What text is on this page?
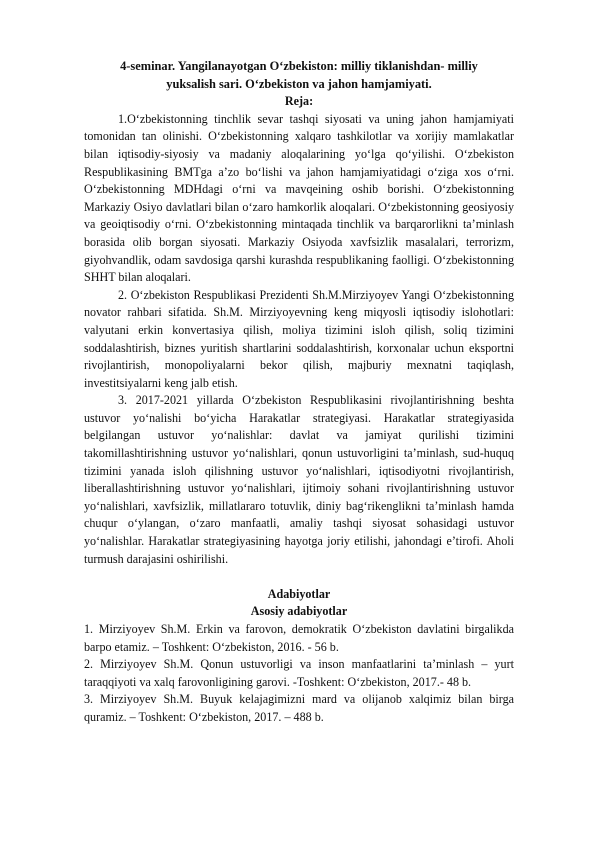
4-seminar. Yangilanayotgan O‘zbekiston: milliy tiklanishdan- milliy
yuksalish sari. O‘zbekiston va jahon hamjamiyati.
Reja:

1.O‘zbekistonning tinchlik sevar tashqi siyosati va uning jahon hamjamiyati tomonidan tan olinishi. O‘zbekistonning xalqaro tashkilotlar va xorijiy mamlakatlar bilan iqtisodiy-siyosiy va madaniy aloqalarining yo‘lga qo‘yilishi. O‘zbekiston Respublikasining BMTga a’zo bo‘lishi va jahon hamjamiyatidagi o‘ziga xos o‘rni. O‘zbekistonning MDHdagi o‘rni va mavqeining oshib borishi. O‘zbekistonning Markaziy Osiyo davlatlari bilan o‘zaro hamkorlik aloqalari. O‘zbekistonning geosiyosiy va geoiqtisodiy o‘rni. O‘zbekistonning mintaqada tinchlik va barqarorlikni ta’minlash borasida olib borgan siyosati. Markaziy Osiyoda xavfsizlik masalalari, terrorizm, giyohvandlik, odam savdosiga qarshi kurashda respublikaning faolligi. O‘zbekistonning SHHT bilan aloqalari.

2. O‘zbekiston Respublikasi Prezidenti Sh.M.Mirziyoyev Yangi O‘zbekistonning novator rahbari sifatida. Sh.M. Mirziyoyevning keng miqyosli iqtisodiy islohotlari: valyutani erkin konvertasiya qilish, moliya tizimini isloh qilish, soliq tizimini soddalashtirish, biznes yuritish shartlarini soddalashtirish, korxonalar uchun eksportni rivojlantirish, monopoliyalarni bekor qilish, majburiy mexnatni taqiqlash, investitsiyalarni keng jalb etish.

3. 2017-2021 yillarda O‘zbekiston Respublikasini rivojlantirishning beshta ustuvor yo‘nalishi bo‘yicha Harakatlar strategiyasi. Harakatlar strategiyasida belgilangan ustuvor yo‘nalishlar: davlat va jamiyat qurilishi tizimini takomillashtirishning ustuvor yo‘nalishlari, qonun ustuvorligini ta’minlash, sud-huquq tizimini yanada isloh qilishning ustuvor yo‘nalishlari, iqtisodiyotni rivojlantirish, liberallashtirishning ustuvor yo‘nalishlari, ijtimoiy sohani rivojlantirishning ustuvor yo‘nalishlari, xavfsizlik, millatlararo totuvlik, diniy bag‘rikenglikni ta’minlash hamda chuqur o‘ylangan, o‘zaro manfaatli, amaliy tashqi siyosat sohasidagi ustuvor yo‘nalishlar. Harakatlar strategiyasining hayotga joriy etilishi, jahondagi e’tirofi. Aholi turmush darajasini oshirilishi.

Adabiyotlar
Asosiy adabiyotlar

1. Mirziyoyev Sh.M. Erkin va farovon, demokratik O‘zbekiston davlatini birgalikda barpo etamiz. – Toshkent: O‘zbekiston, 2016. - 56 b.

2. Mirziyoyev Sh.M. Qonun ustuvorligi va inson manfaatlarini ta’minlash – yurt taraqqiyoti va xalq farovonligining garovi. -Toshkent: O‘zbekiston, 2017.- 48 b.

3. Mirziyoyev Sh.M. Buyuk kelajagimizni mard va olijanob xalqimiz bilan birga quramiz. – Toshkent: O‘zbekiston, 2017. – 488 b.
